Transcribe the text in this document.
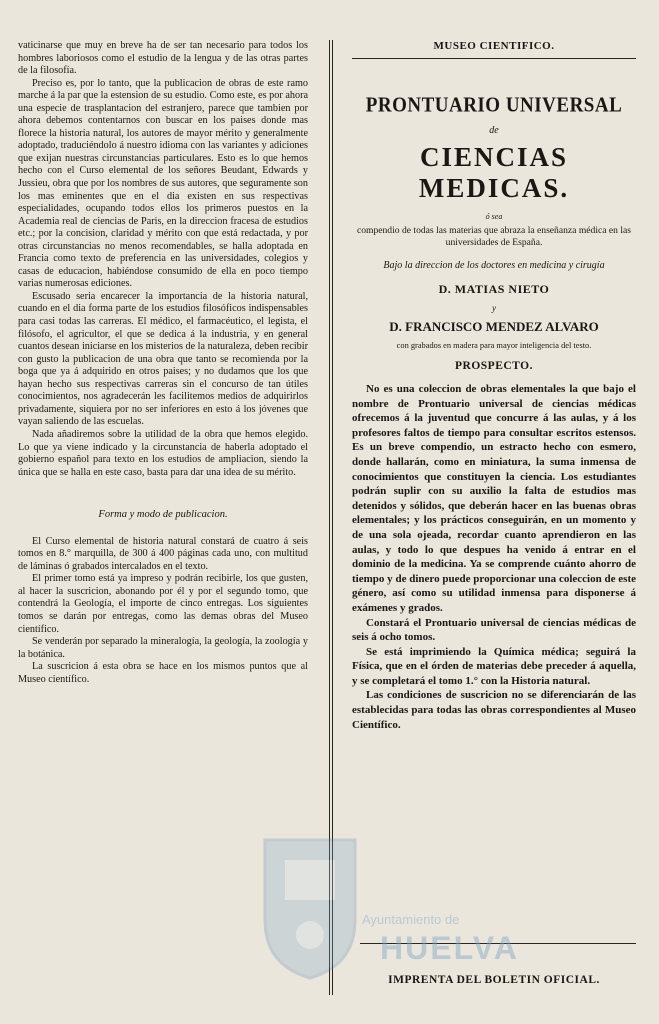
vaticinarse que muy en breve ha de ser tan necesario para todos los hombres laboriosos como el estudio de la lengua y de las otras partes de la filosofía.

Preciso es, por lo tanto, que la publicacion de obras de este ramo marche á la par que la estension de su estudio. Como este, es por ahora una especie de trasplantacion del estranjero, parece que tambien por ahora debemos contentarnos con buscar en los paises donde mas florece la historia natural, los autores de mayor mérito y generalmente adoptado, traduciéndolo á nuestro idioma con las variantes y adiciones que exijan nuestras circunstancias particulares. Esto es lo que hemos hecho con el Curso elemental de los señores Beudant, Edwards y Jussieu, obra que por los nombres de sus autores, que seguramente son los mas eminentes que en el dia existen en sus respectivas especialidades, ocupando todos ellos los primeros puestos en la Academia real de ciencias de Paris, en la direccion fracesa de estudios etc.; por la concision, claridad y mérito con que está redactada, y por otras circunstancias no menos recomendables, se halla adoptada en Francia como texto de preferencia en las universidades, colegios y casas de educacion, habiéndose consumido de ella en poco tiempo varias numerosas ediciones.

Escusado seria encarecer la importancia de la historia natural, cuando en el dia forma parte de los estudios filosóficos indispensables para casi todas las carreras. El médico, el farmacéutico, el legista, el filósofo, el agricultor, el que se dedica á la industria, y en general cuantos desean iniciarse en los misterios de la naturaleza, deben recibir con gusto la publicacion de una obra que tanto se recomienda por la boga que ya á adquirido en otros paises; y no dudamos que los que hayan hecho sus respectivas carreras sin el concurso de tan útiles conocimientos, nos agradecerán les facilitemos medios de adquirirlos privadamente, siquiera por no ser inferiores en esto á los jóvenes que vayan saliendo de las escuelas.

Nada añadiremos sobre la utilidad de la obra que hemos elegido. Lo que ya viene indicado y la circunstancia de haberla adoptado el gobierno español para texto en los estudios de ampliacion, siendo la única que se halla en este caso, basta para dar una idea de su mérito.

Forma y modo de publicacion.

El Curso elemental de historia natural constará de cuatro á seis tomos en 8.° marquilla, de 300 á 400 páginas cada uno, con multitud de láminas ó grabados intercalados en el texto.

El primer tomo está ya impreso y podrán recibirle, los que gusten, al hacer la suscricion, abonando por él y por el segundo tomo, que contendrá la Geología, el importe de cinco entregas. Los siguientes tomos se darán por entregas, como las demas obras del Museo científico.

Se venderán por separado la mineralogía, la geología, la zoología y la botánica.

La suscricion á esta obra se hace en los mismos puntos que al Museo científico.

MUSEO CIENTIFICO.
PRONTUARIO UNIVERSAL
de
CIENCIAS MEDICAS.
ó sea
compendio de todas las materias que abraza la enseñanza médica en las universidades de España.
Bajo la direccion de los doctores en medicina y cirugía
D. MATIAS NIETO
y
D. FRANCISCO MENDEZ ALVARO
con grabados en madera para mayor inteligencia del testo.
PROSPECTO.

No es una coleccion de obras elementales la que bajo el nombre de Prontuario universal de ciencias médicas ofrecemos á la juventud que concurre á las aulas, y á los profesores faltos de tiempo para consultar escritos estensos. Es un breve compendio, un estracto hecho con esmero, donde hallarán, como en miniatura, la suma inmensa de conocimientos que constituyen la ciencia. Los estudiantes podrán suplir con su auxilio la falta de estudios mas detenidos y sólidos, que deberán hacer en las buenas obras elementales; y los prácticos conseguirán, en un momento y de una sola ojeada, recordar cuanto aprendieron en las aulas, y todo lo que despues ha venido á entrar en el dominio de la medicina. Ya se comprende cuánto ahorro de tiempo y de dinero puede proporcionar una coleccion de este género, así como su utilidad inmensa para disponerse á exámenes y grados.

Constará el Prontuario universal de ciencias médicas de seis á ocho tomos.

Se está imprimiendo la Química médica; seguirá la Física, que en el órden de materias debe preceder á aquella, y se completará el tomo 1.° con la Historia natural.

Las condiciones de suscricion no se diferenciarán de las establecidas para todas las obras correspondientes al Museo Científico.

IMPRENTA DEL BOLETIN OFICIAL.
Ayuntamiento de
HUELVA
